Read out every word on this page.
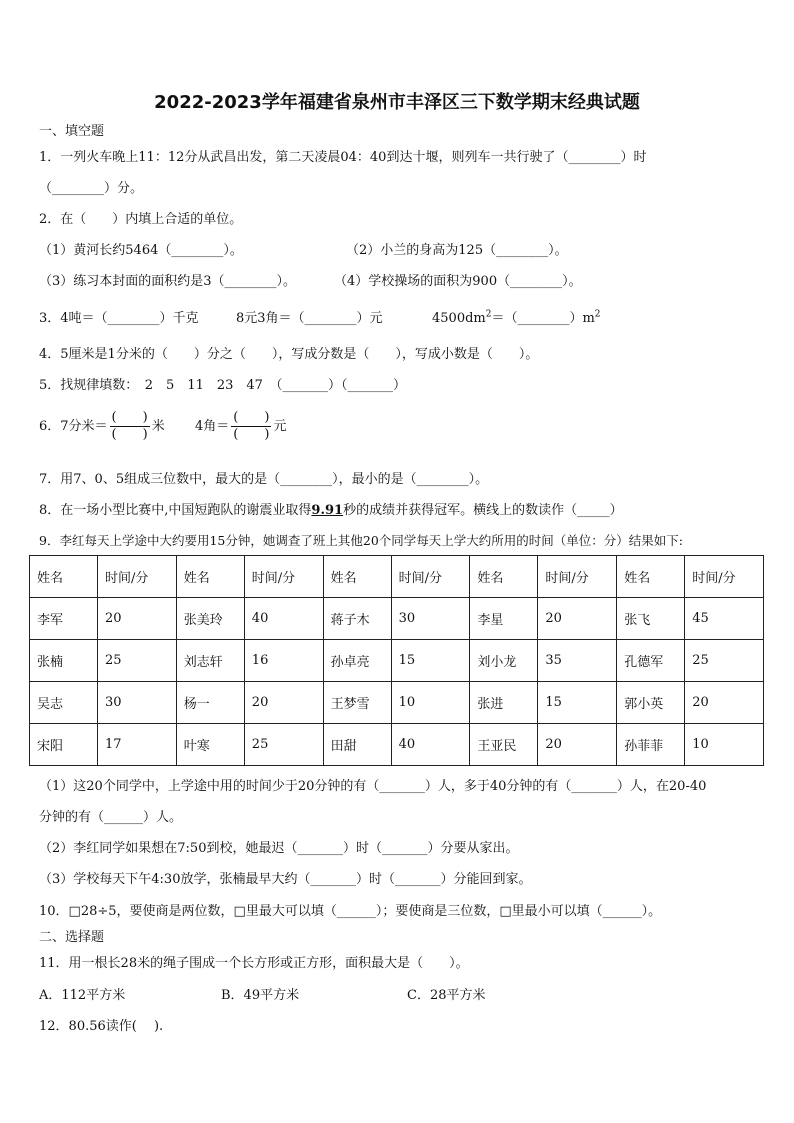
2022-2023学年福建省泉州市丰泽区三下数学期末经典试题
一、填空题
1．一列火车晚上11：12分从武昌出发，第二天凌晨04：40到达十堰，则列车一共行驶了（________）时
（________）分。
2．在（　　）内填上合适的单位。
（1）黄河长约5464（________）。	（2）小兰的身高为125（________）。
（3）练习本封面的面积约是3（________）。	（4）学校操场的面积为900（________）。
3．4吨＝（________）千克	8元3角＝（________）元	$4500dm^2=(\_\_\_\_\_\_\_\_)m^2$
4．5厘米是1分米的（　　）分之（　　），写成分数是（　　），写成小数是（　　）。
5．找规律填数：　2　5　11　23　47　（_______）（_______）
6．7分米＝ $\frac{( )}{( )}$ 米 4角＝ $\frac{( )}{( )}$ 元
7．用7、0、5组成三位数中，最大的是（________），最小的是（________）。
8．在一场小型比赛中,中国短跑队的谢震业取得9.91秒的成绩并获得冠军。横线上的数读作（_____）
9．李红每天上学途中大约要用15分钟，她调查了班上其他20个同学每天上学大约所用的时间（单位：分）结果如下:
姓名	时间/分	姓名	时间/分	姓名	时间/分	姓名	时间/分	姓名	时间/分
李军	20	张美玲	40	蒋子木	30	李星	20	张飞	45
张楠	25	刘志轩	16	孙卓亮	15	刘小龙	35	孔德军	25
吴志	30	杨一	20	王梦雪	10	张进	15	郭小英	20
宋阳	17	叶寒	25	田甜	40	王亚民	20	孙菲菲	10
（1）这20个同学中，上学途中用的时间少于20分钟的有（_______）人，多于40分钟的有（_______）人，在20-40
分钟的有（______）人。
（2）李红同学如果想在7:50到校，她最迟（_______）时（_______）分要从家出。
（3）学校每天下午4:30放学，张楠最早大约（_______）时（_______）分能回到家。
10．□28÷5，要使商是两位数，□里最大可以填（______）；要使商是三位数，□里最小可以填（______）。
二、选择题
11．用一根长28米的绳子围成一个长方形或正方形，面积最大是（　　）。
A．112平方米	B．49平方米	C．28平方米
12．80.56读作(　 ).
